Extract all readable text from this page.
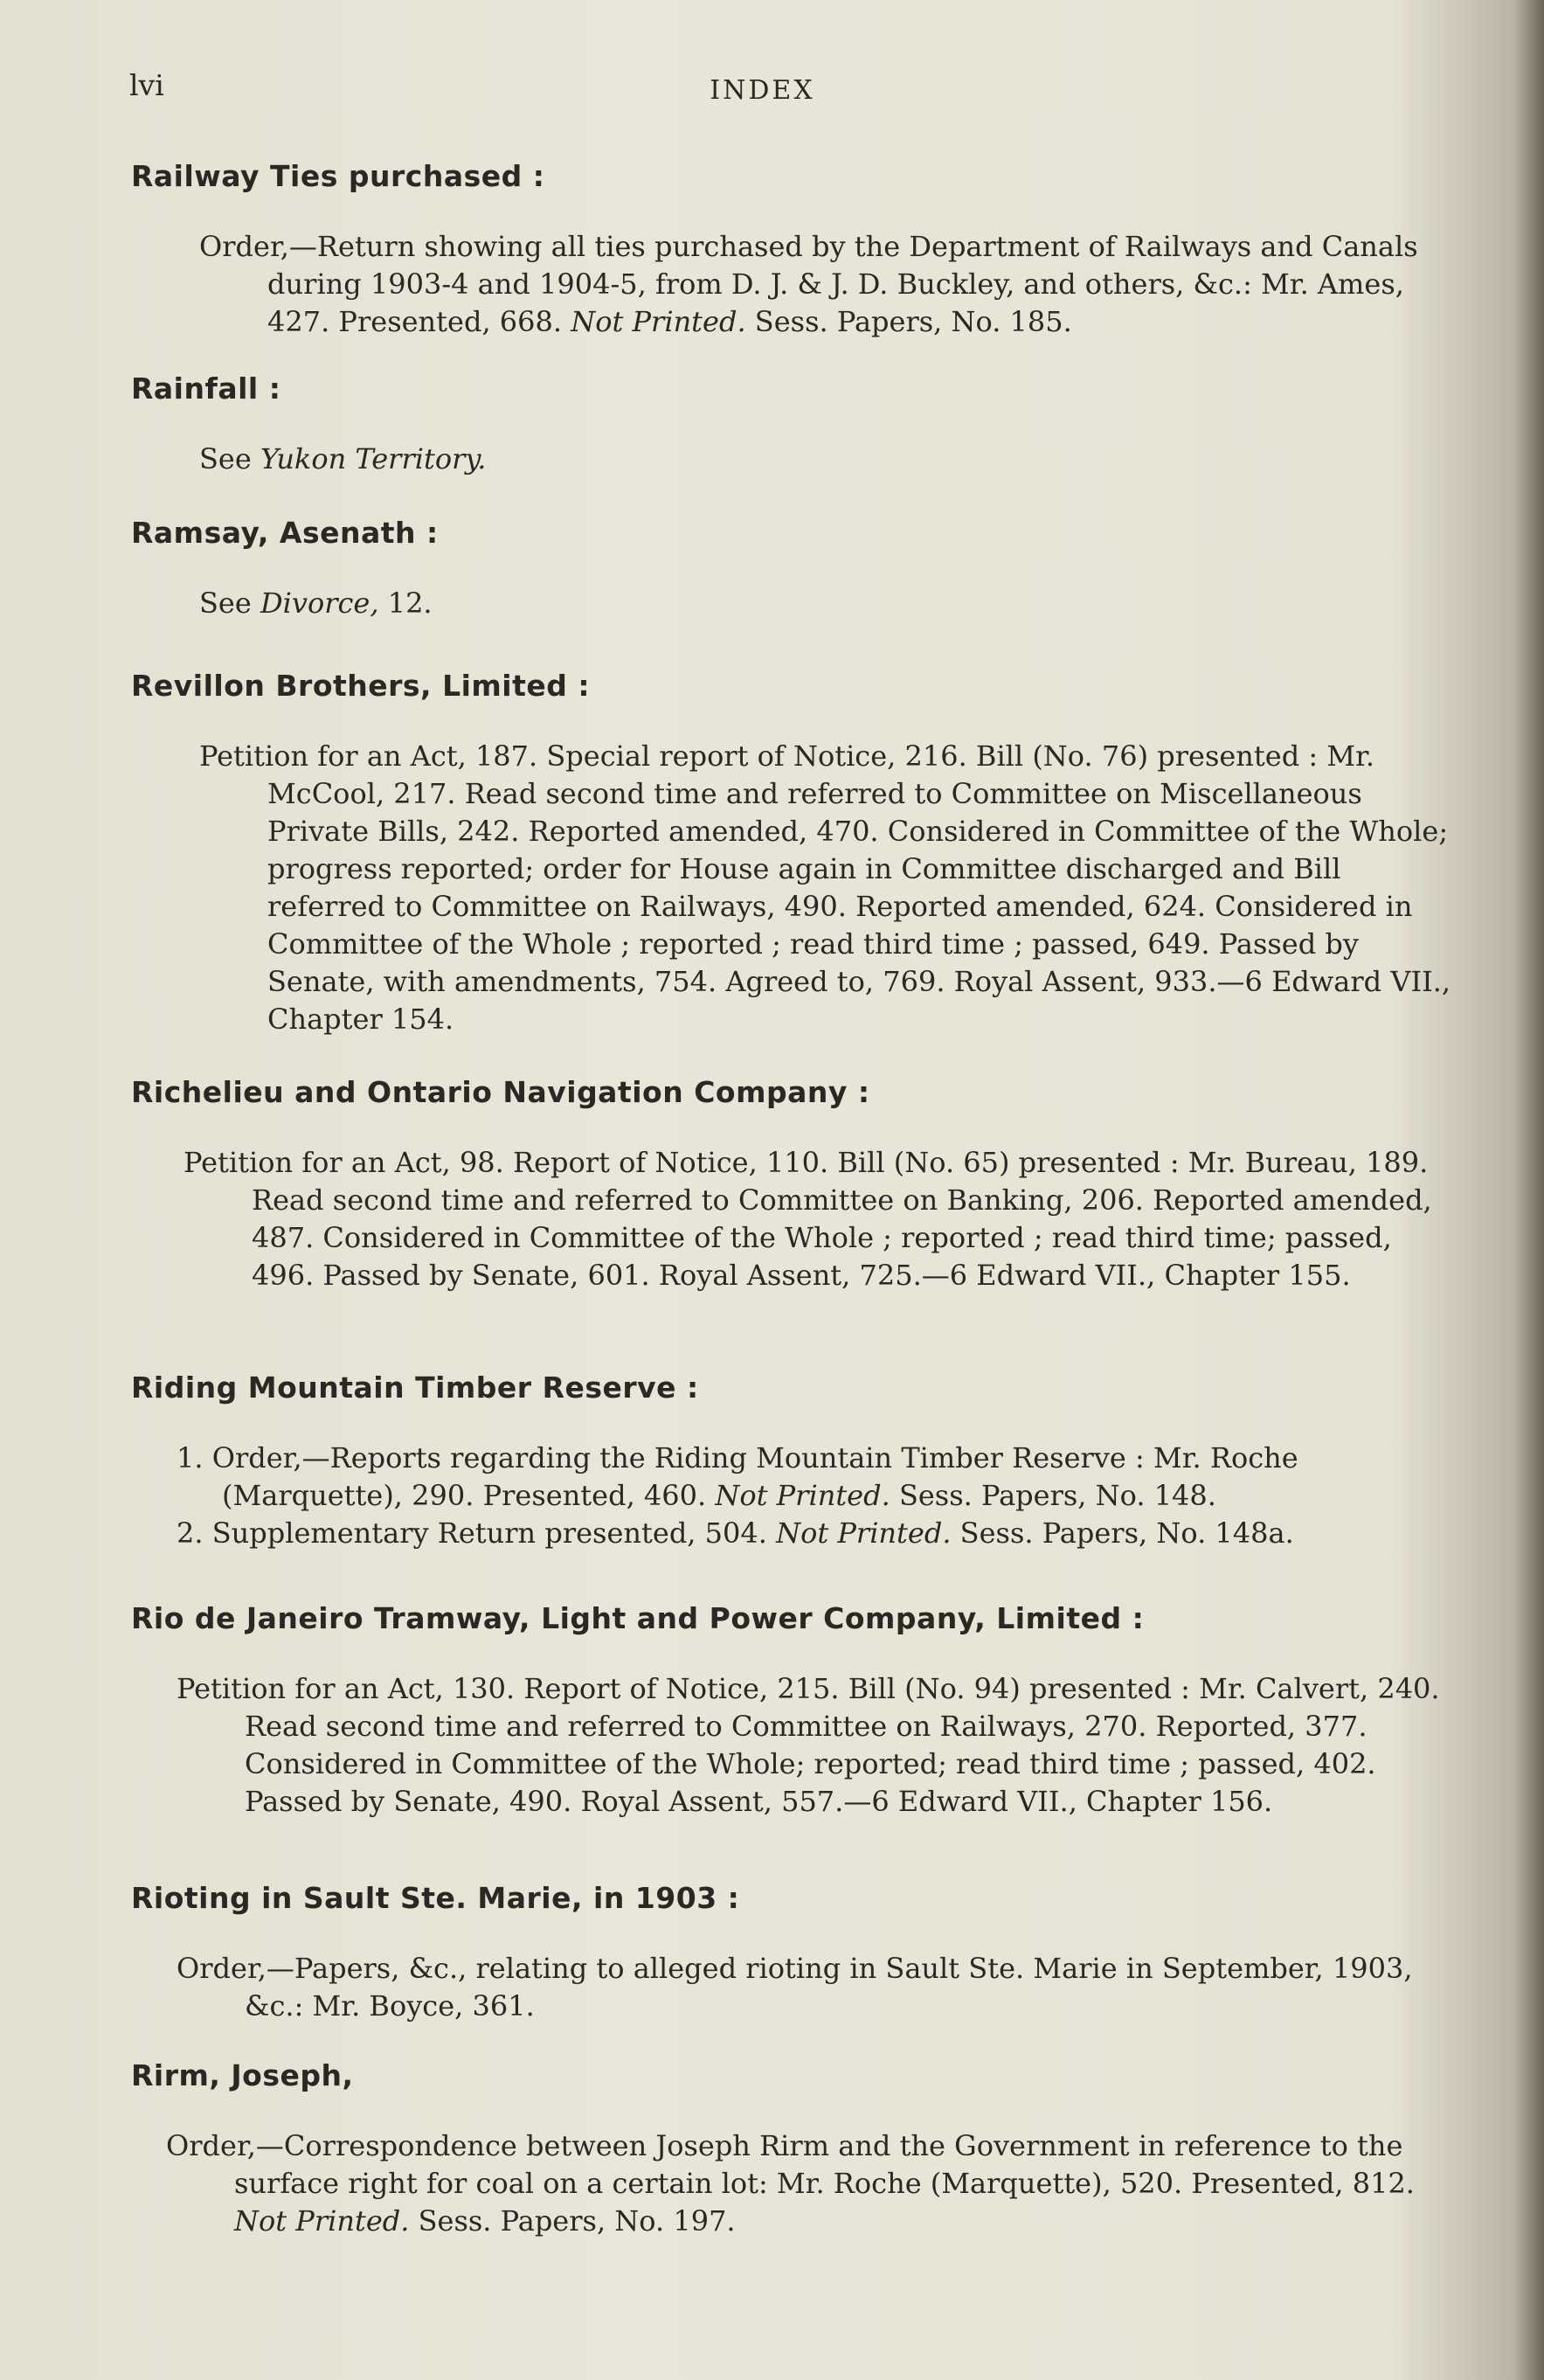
lvi	INDEX
Railway Ties purchased :

Order,—Return showing all ties purchased by the Department of Railways and Canals during 1903-4 and 1904-5, from D. J. & J. D. Buckley, and others, &c.: Mr. Ames, 427. Presented, 668. Not Printed. Sess. Papers, No. 185.

Rainfall :

See Yukon Territory.

Ramsay, Asenath :

See Divorce, 12.

Revillon Brothers, Limited :

Petition for an Act, 187. Special report of Notice, 216. Bill (No. 76) presented : Mr. McCool, 217. Read second time and referred to Committee on Miscellaneous Private Bills, 242. Reported amended, 470. Considered in Committee of the Whole; progress reported; order for House again in Committee discharged and Bill referred to Committee on Railways, 490. Reported amended, 624. Considered in Committee of the Whole ; reported ; read third time ; passed, 649. Passed by Senate, with amendments, 754. Agreed to, 769. Royal Assent, 933.—6 Edward VII., Chapter 154.

Richelieu and Ontario Navigation Company :

Petition for an Act, 98. Report of Notice, 110. Bill (No. 65) presented : Mr. Bureau, 189. Read second time and referred to Committee on Banking, 206. Reported amended, 487. Considered in Committee of the Whole ; reported ; read third time; passed, 496. Passed by Senate, 601. Royal Assent, 725.—6 Edward VII., Chapter 155.

Riding Mountain Timber Reserve :

1. Order,—Reports regarding the Riding Mountain Timber Reserve : Mr. Roche (Marquette), 290. Presented, 460. Not Printed. Sess. Papers, No. 148.

2. Supplementary Return presented, 504. Not Printed. Sess. Papers, No. 148a.

Rio de Janeiro Tramway, Light and Power Company, Limited :

Petition for an Act, 130. Report of Notice, 215. Bill (No. 94) presented : Mr. Calvert, 240. Read second time and referred to Committee on Railways, 270. Reported, 377. Considered in Committee of the Whole; reported; read third time ; passed, 402. Passed by Senate, 490. Royal Assent, 557.—6 Edward VII., Chapter 156.

Rioting in Sault Ste. Marie, in 1903 :

Order,—Papers, &c., relating to alleged rioting in Sault Ste. Marie in September, 1903, &c.: Mr. Boyce, 361.

Rirm, Joseph,

Order,—Correspondence between Joseph Rirm and the Government in reference to the surface right for coal on a certain lot: Mr. Roche (Marquette), 520. Presented, 812. Not Printed. Sess. Papers, No. 197.
